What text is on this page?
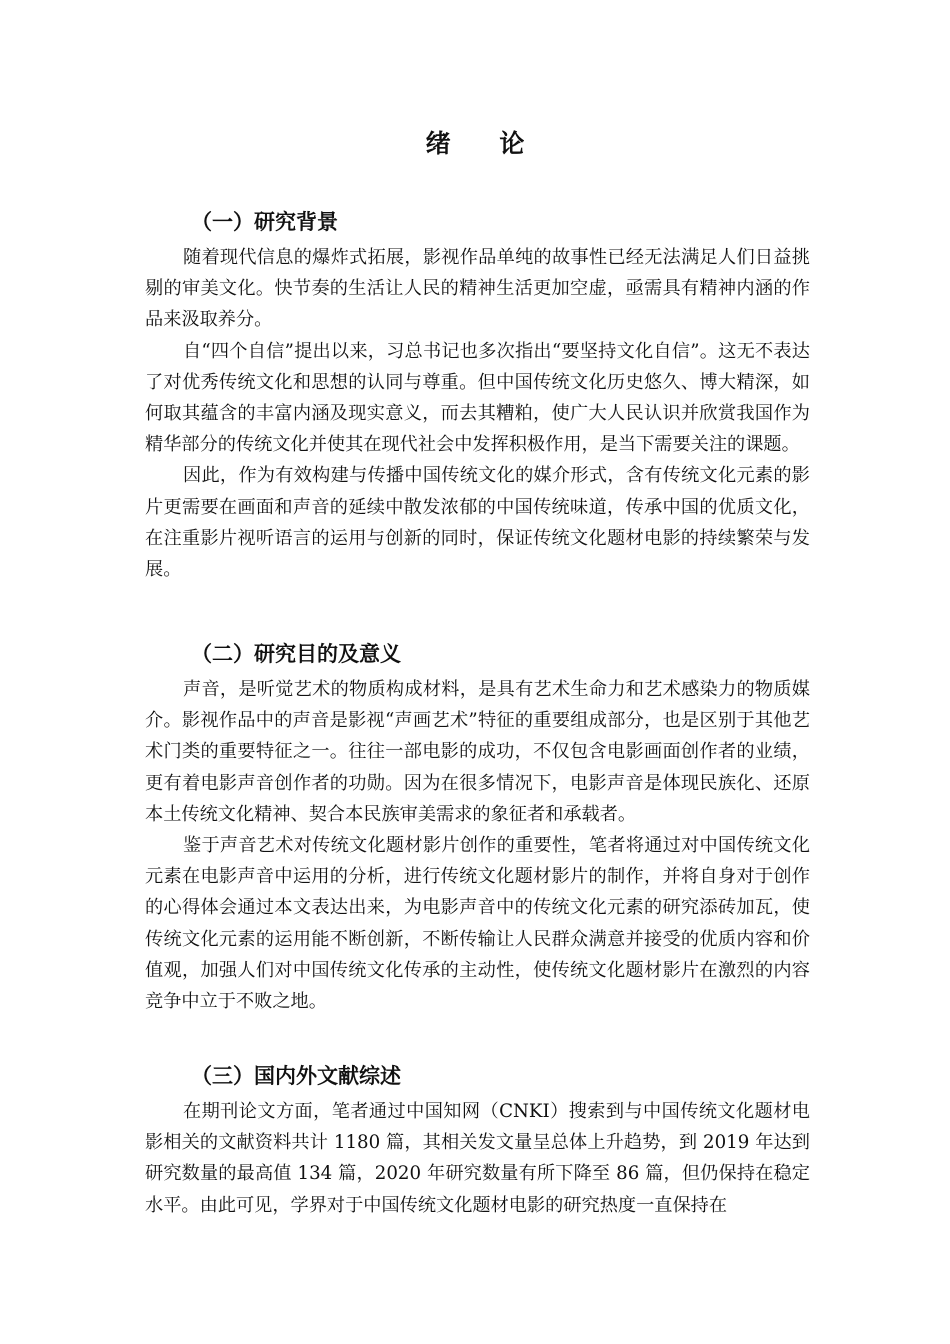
绪 论
（一）研究背景

随着现代信息的爆炸式拓展，影视作品单纯的故事性已经无法满足人们日益挑剔的审美文化。快节奏的生活让人民的精神生活更加空虚，亟需具有精神内涵的作品来汲取养分。

自“四个自信”提出以来，习总书记也多次指出“要坚持文化自信”。这无不表达了对优秀传统文化和思想的认同与尊重。但中国传统文化历史悠久、博大精深，如何取其蕴含的丰富内涵及现实意义，而去其糟粕，使广大人民认识并欣赏我国作为精华部分的传统文化并使其在现代社会中发挥积极作用，是当下需要关注的课题。

因此，作为有效构建与传播中国传统文化的媒介形式，含有传统文化元素的影片更需要在画面和声音的延续中散发浓郁的中国传统味道，传承中国的优质文化，在注重影片视听语言的运用与创新的同时，保证传统文化题材电影的持续繁荣与发展。

（二）研究目的及意义

声音，是听觉艺术的物质构成材料，是具有艺术生命力和艺术感染力的物质媒介。影视作品中的声音是影视“声画艺术”特征的重要组成部分，也是区别于其他艺术门类的重要特征之一。往往一部电影的成功，不仅包含电影画面创作者的业绩，更有着电影声音创作者的功勋。因为在很多情况下，电影声音是体现民族化、还原本土传统文化精神、契合本民族审美需求的象征者和承载者。

鉴于声音艺术对传统文化题材影片创作的重要性，笔者将通过对中国传统文化元素在电影声音中运用的分析，进行传统文化题材影片的制作，并将自身对于创作的心得体会通过本文表达出来，为电影声音中的传统文化元素的研究添砖加瓦，使传统文化元素的运用能不断创新，不断传输让人民群众满意并接受的优质内容和价值观，加强人们对中国传统文化传承的主动性，使传统文化题材影片在激烈的内容竞争中立于不败之地。

（三）国内外文献综述

在期刊论文方面，笔者通过中国知网（CNKI）搜索到与中国传统文化题材电影相关的文献资料共计 1180 篇，其相关发文量呈总体上升趋势，到 2019 年达到研究数量的最高值 134 篇，2020 年研究数量有所下降至 86 篇，但仍保持在稳定水平。由此可见，学界对于中国传统文化题材电影的研究热度一直保持在
